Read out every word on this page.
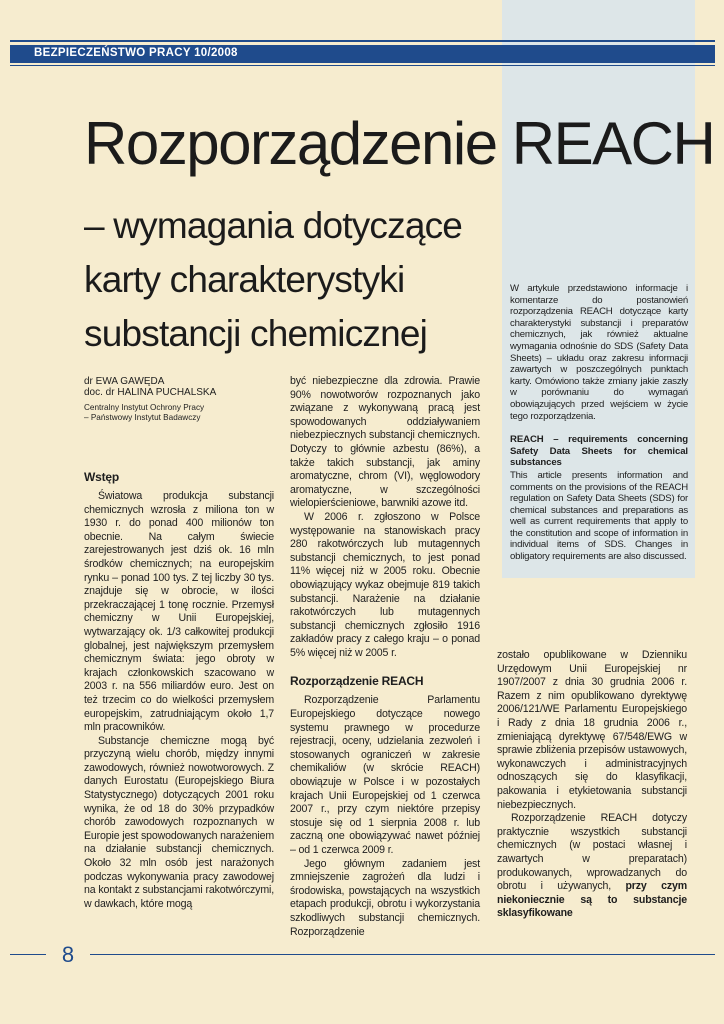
BEZPIECZEŃSTWO PRACY 10/2008
Rozporządzenie REACH
– wymagania dotyczące
karty charakterystyki
substancji chemicznej
dr EWA GAWĘDA
doc. dr HALINA PUCHALSKA
Centralny Instytut Ochrony Pracy
– Państwowy Instytut Badawczy

W artykule przedstawiono informacje i komentarze do postanowień rozporządzenia REACH dotyczące karty charakterystyki substancji i preparatów chemicznych, jak również aktualne wymagania odnośnie do SDS (Safety Data Sheets) – układu oraz zakresu informacji zawartych w poszczególnych punktach karty. Omówiono także zmiany jakie zaszły w porównaniu do wymagań obowiązujących przed wejściem w życie tego rozporządzenia.

REACH – requirements concerning Safety Data Sheets for chemical substances

This article presents information and comments on the provisions of the REACH regulation on Safety Data Sheets (SDS) for chemical substances and preparations as well as current requirements that apply to the constitution and scope of information in individual items of SDS. Changes in obligatory requirements are also discussed.

Wstęp

Światowa produkcja substancji chemicznych wzrosła z miliona ton w 1930 r. do ponad 400 milionów ton obecnie. Na całym świecie zarejestrowanych jest dziś ok. 16 mln środków chemicznych; na europejskim rynku – ponad 100 tys. Z tej liczby 30 tys. znajduje się w obrocie, w ilości przekraczającej 1 tonę rocznie. Przemysł chemiczny w Unii Europejskiej, wytwarzający ok. 1/3 całkowitej produkcji globalnej, jest największym przemysłem chemicznym świata: jego obroty w krajach członkowskich szacowano w 2003 r. na 556 miliardów euro. Jest on też trzecim co do wielkości przemysłem europejskim, zatrudniającym około 1,7 mln pracowników.

Substancje chemiczne mogą być przyczyną wielu chorób, między innymi zawodowych, również nowotworowych. Z danych Eurostatu (Europejskiego Biura Statystycznego) dotyczących 2001 roku wynika, że od 18 do 30% przypadków chorób zawodowych rozpoznanych w Europie jest spowodowanych narażeniem na działanie substancji chemicznych. Około 32 mln osób jest narażonych podczas wykonywania pracy zawodowej na kontakt z substancjami rakotwórczymi, w dawkach, które mogą

być niebezpieczne dla zdrowia. Prawie 90% nowotworów rozpoznanych jako związane z wykonywaną pracą jest spowodowanych oddziaływaniem niebezpiecznych substancji chemicznych. Dotyczy to głównie azbestu (86%), a także takich substancji, jak aminy aromatyczne, chrom (VI), węglowodory aromatyczne, w szczególności wielopierścieniowe, barwniki azowe itd.

W 2006 r. zgłoszono w Polsce występowanie na stanowiskach pracy 280 rakotwórczych lub mutagennych substancji chemicznych, to jest ponad 11% więcej niż w 2005 roku. Obecnie obowiązujący wykaz obejmuje 819 takich substancji. Narażenie na działanie rakotwórczych lub mutagennych substancji chemicznych zgłosiło 1916 zakładów pracy z całego kraju – o ponad 5% więcej niż w 2005 r.

Rozporządzenie REACH

Rozporządzenie Parlamentu Europejskiego dotyczące nowego systemu prawnego w procedurze rejestracji, oceny, udzielania zezwoleń i stosowanych ograniczeń w zakresie chemikaliów (w skrócie REACH) obowiązuje w Polsce i w pozostałych krajach Unii Europejskiej od 1 czerwca 2007 r., przy czym niektóre przepisy stosuje się od 1 sierpnia 2008 r. lub zaczną one obowiązywać nawet później – od 1 czerwca 2009 r.

Jego głównym zadaniem jest zmniejszenie zagrożeń dla ludzi i środowiska, powstających na wszystkich etapach produkcji, obrotu i wykorzystania szkodliwych substancji chemicznych. Rozporządzenie

zostało opublikowane w Dzienniku Urzędowym Unii Europejskiej nr 1907/2007 z dnia 30 grudnia 2006 r. Razem z nim opublikowano dyrektywę 2006/121/WE Parlamentu Europejskiego i Rady z dnia 18 grudnia 2006 r., zmieniającą dyrektywę 67/548/EWG w sprawie zbliżenia przepisów ustawowych, wykonawczych i administracyjnych odnoszących się do klasyfikacji, pakowania i etykietowania substancji niebezpiecznych.

Rozporządzenie REACH dotyczy praktycznie wszystkich substancji chemicznych (w postaci własnej i zawartych w preparatach) produkowanych, wprowadzanych do obrotu i używanych, przy czym niekoniecznie są to substancje sklasyfikowane

8
